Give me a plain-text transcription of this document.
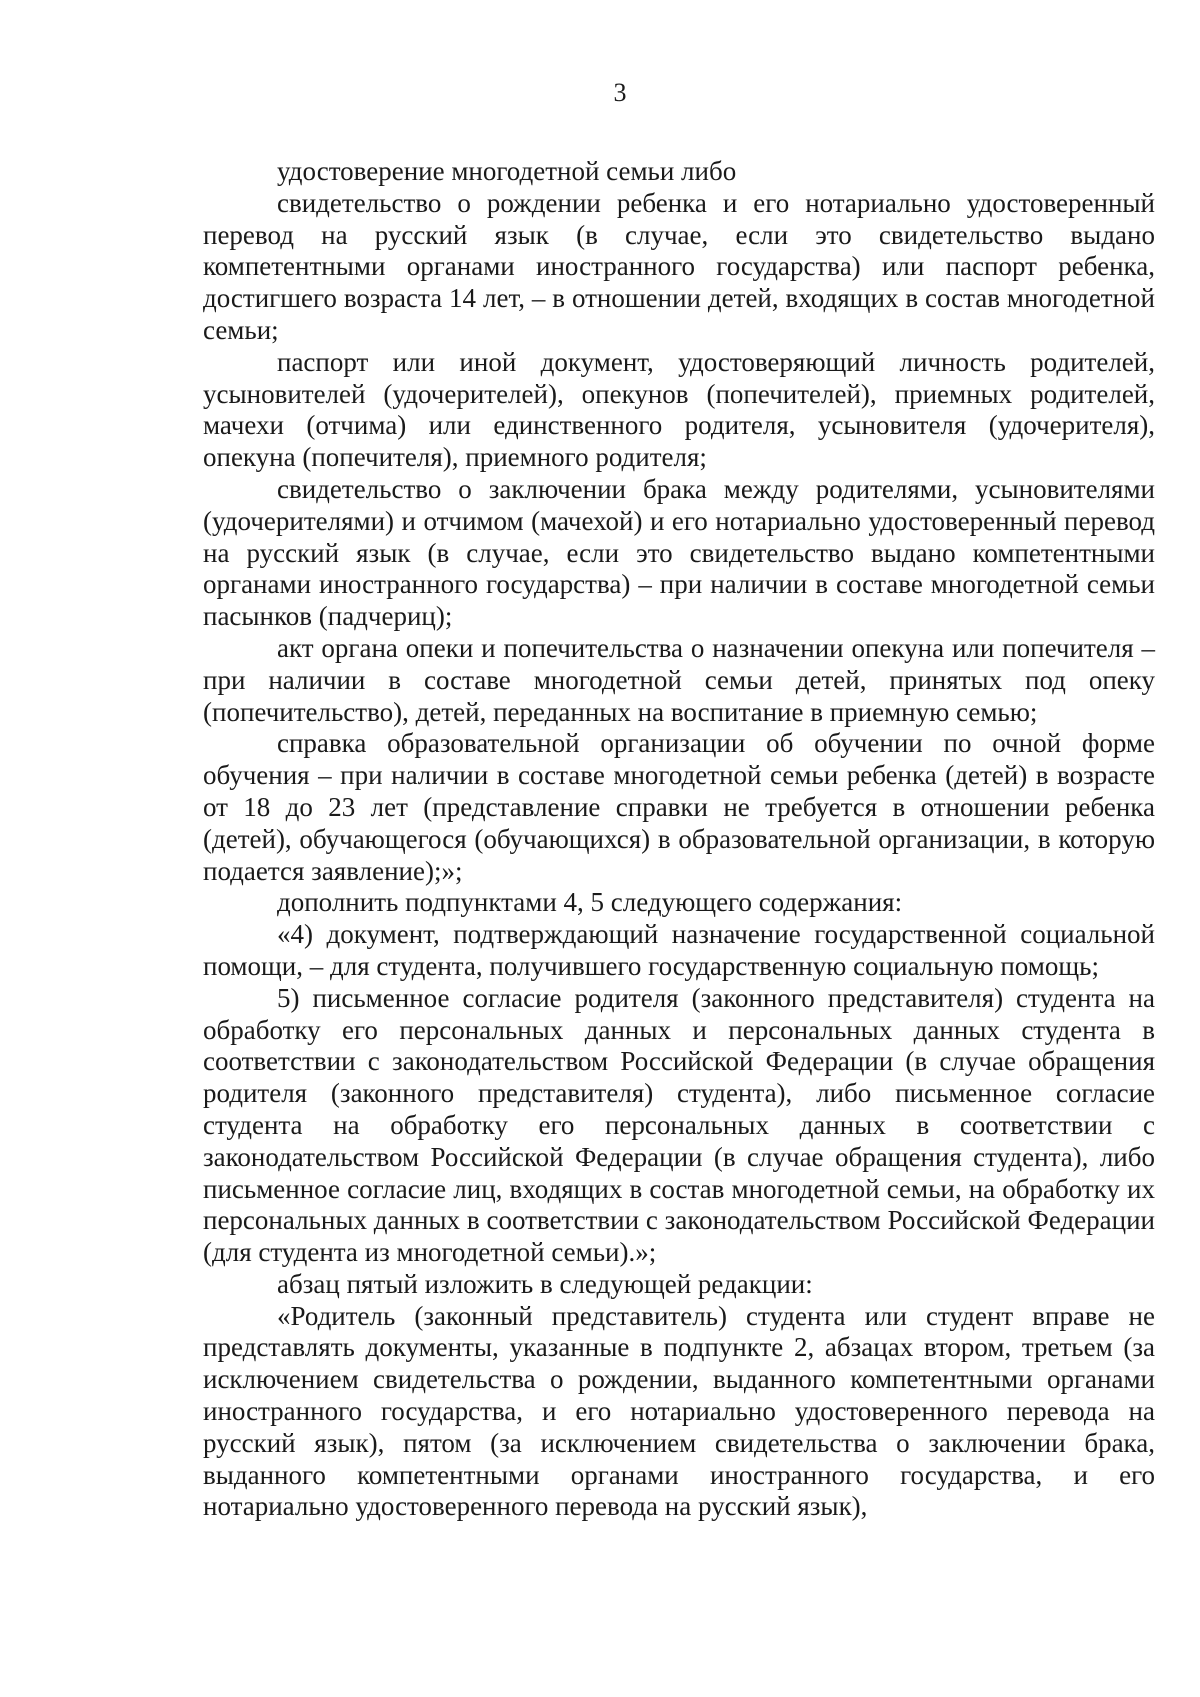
3

удостоверение многодетной семьи либо

свидетельство о рождении ребенка и его нотариально удостоверенный перевод на русский язык (в случае, если это свидетельство выдано компетентными органами иностранного государства) или паспорт ребенка, достигшего возраста 14 лет, – в отношении детей, входящих в состав многодетной семьи;

паспорт или иной документ, удостоверяющий личность родителей, усыновителей (удочерителей), опекунов (попечителей), приемных родителей, мачехи (отчима) или единственного родителя, усыновителя (удочерителя), опекуна (попечителя), приемного родителя;

свидетельство о заключении брака между родителями, усыновителями (удочерителями) и отчимом (мачехой) и его нотариально удостоверенный перевод на русский язык (в случае, если это свидетельство выдано компетентными органами иностранного государства) – при наличии в составе многодетной семьи пасынков (падчериц);

акт органа опеки и попечительства о назначении опекуна или попечителя – при наличии в составе многодетной семьи детей, принятых под опеку (попечительство), детей, переданных на воспитание в приемную семью;

справка образовательной организации об обучении по очной форме обучения – при наличии в составе многодетной семьи ребенка (детей) в возрасте от 18 до 23 лет (представление справки не требуется в отношении ребенка (детей), обучающегося (обучающихся) в образовательной организации, в которую подается заявление);»;

дополнить подпунктами 4, 5 следующего содержания:

«4) документ, подтверждающий назначение государственной социальной помощи, – для студента, получившего государственную социальную помощь;

5) письменное согласие родителя (законного представителя) студента на обработку его персональных данных и персональных данных студента в соответствии с законодательством Российской Федерации (в случае обращения родителя (законного представителя) студента), либо письменное согласие студента на обработку его персональных данных в соответствии с законодательством Российской Федерации (в случае обращения студента), либо письменное согласие лиц, входящих в состав многодетной семьи, на обработку их персональных данных в соответствии с законодательством Российской Федерации (для студента из многодетной семьи).»;

абзац пятый изложить в следующей редакции:

«Родитель (законный представитель) студента или студент вправе не представлять документы, указанные в подпункте 2, абзацах втором, третьем (за исключением свидетельства о рождении, выданного компетентными органами иностранного государства, и его нотариально удостоверенного перевода на русский язык), пятом (за исключением свидетельства о заключении брака, выданного компетентными органами иностранного государства, и его нотариально удостоверенного перевода на русский язык),
